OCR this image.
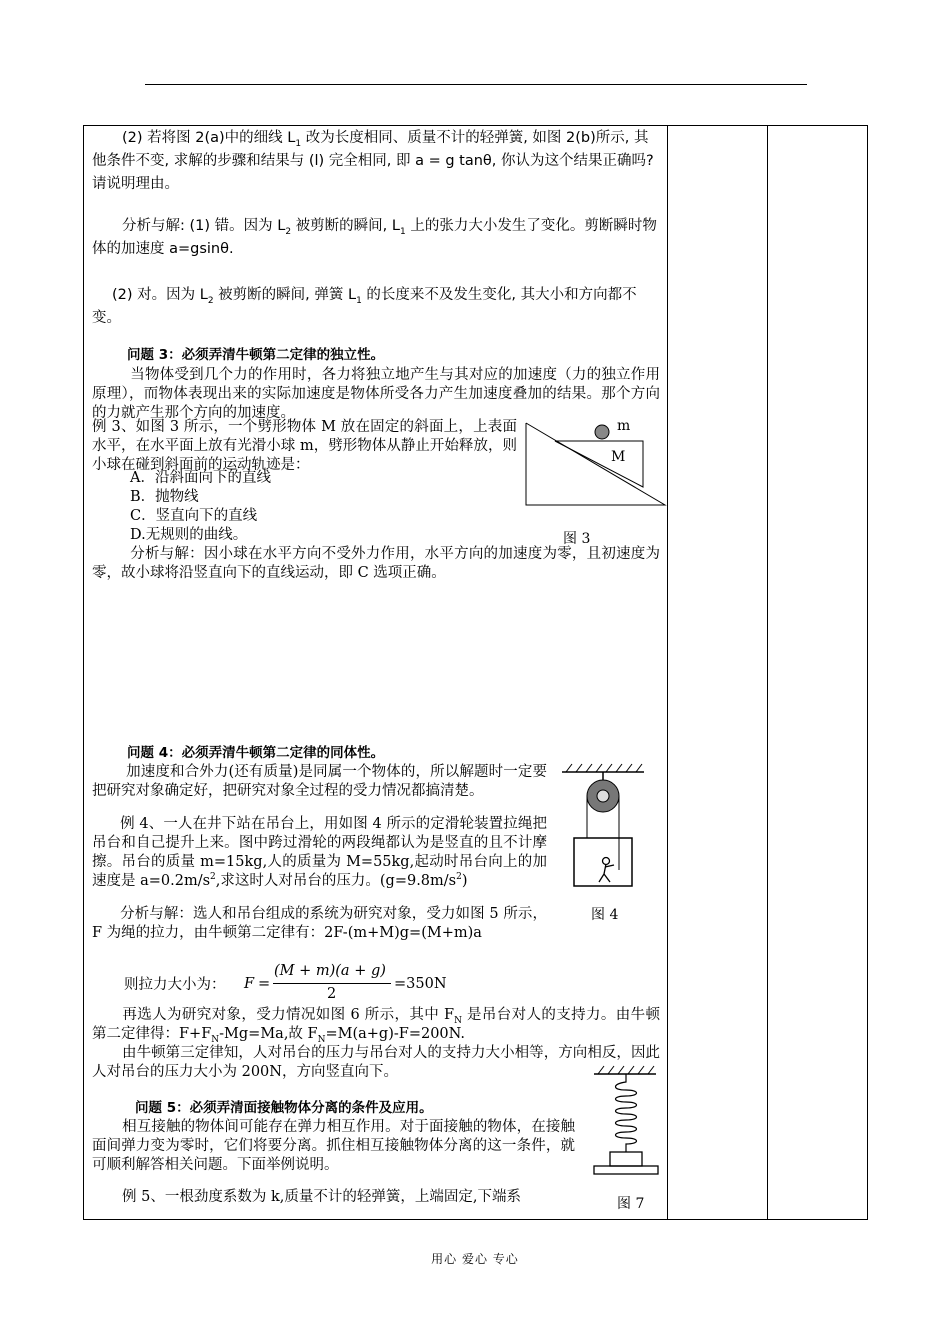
(2) 若将图 2(a)中的细线 $L_1$ 改为长度相同、质量不计的轻弹簧, 如图 2(b)所示, 其他条件不变, 求解的步骤和结果与 (l) 完全相同, 即 a = g tanθ, 你认为这个结果正确吗? 请说明理由。
分析与解: (1) 错。因为 $L_2$ 被剪断的瞬间, $L_1$ 上的张力大小发生了变化。剪断瞬时物体的加速度 a=gsinθ.
(2) 对。因为 $L_2$ 被剪断的瞬间, 弹簧 $L_1$ 的长度来不及发生变化, 其大小和方向都不变。
问题 3：必须弄清牛顿第二定律的独立性。
当物体受到几个力的作用时，各力将独立地产生与其对应的加速度（力的独立作用原理），而物体表现出来的实际加速度是物体所受各力产生加速度叠加的结果。那个方向的力就产生那个方向的加速度。
例 3、如图 3 所示，一个劈形物体 M 放在固定的斜面上，上表面水平，在水平面上放有光滑小球 m，劈形物体从静止开始释放，则小球在碰到斜面前的运动轨迹是：
A．沿斜面向下的直线
B．抛物线
C．竖直向下的直线
D.无规则的曲线。
分析与解：因小球在水平方向不受外力作用，水平方向的加速度为零，且初速度为零，故小球将沿竖直向下的直线运动，即 C 选项正确。
m
M
图 3
问题 4：必须弄清牛顿第二定律的同体性。
加速度和合外力(还有质量)是同属一个物体的，所以解题时一定要把研究对象确定好，把研究对象全过程的受力情况都搞清楚。
例 4、一人在井下站在吊台上，用如图 4 所示的定滑轮装置拉绳把吊台和自己提升上来。图中跨过滑轮的两段绳都认为是竖直的且不计摩擦。吊台的质量 m=15kg,人的质量为 M=55kg,起动时吊台向上的加速度是 $a=0.2m/s^2$,求这时人对吊台的压力。$(g=9.8m/s^2)$
分析与解：选人和吊台组成的系统为研究对象，受力如图 5 所示，F 为绳的拉力，由牛顿第二定律有：2F-(m+M)g=(M+m)a
则拉力大小为： F =
(M + m)(a + g)
2
=350N
图 4
再选人为研究对象，受力情况如图 6 所示，其中 $F_N$ 是吊台对人的支持力。由牛顿第二定律得：$F+F_N-Mg=Ma$,故 $F_N=M(a+g)-F=200N$.
由牛顿第三定律知，人对吊台的压力与吊台对人的支持力大小相等，方向相反，因此人对吊台的压力大小为 200N，方向竖直向下。
问题 5：必须弄清面接触物体分离的条件及应用。
相互接触的物体间可能存在弹力相互作用。对于面接触的物体，在接触面间弹力变为零时，它们将要分离。抓住相互接触物体分离的这一条件，就可顺利解答相关问题。下面举例说明。
例 5、一根劲度系数为 k,质量不计的轻弹簧，上端固定,下端系	图 7
用心 爱心 专心
